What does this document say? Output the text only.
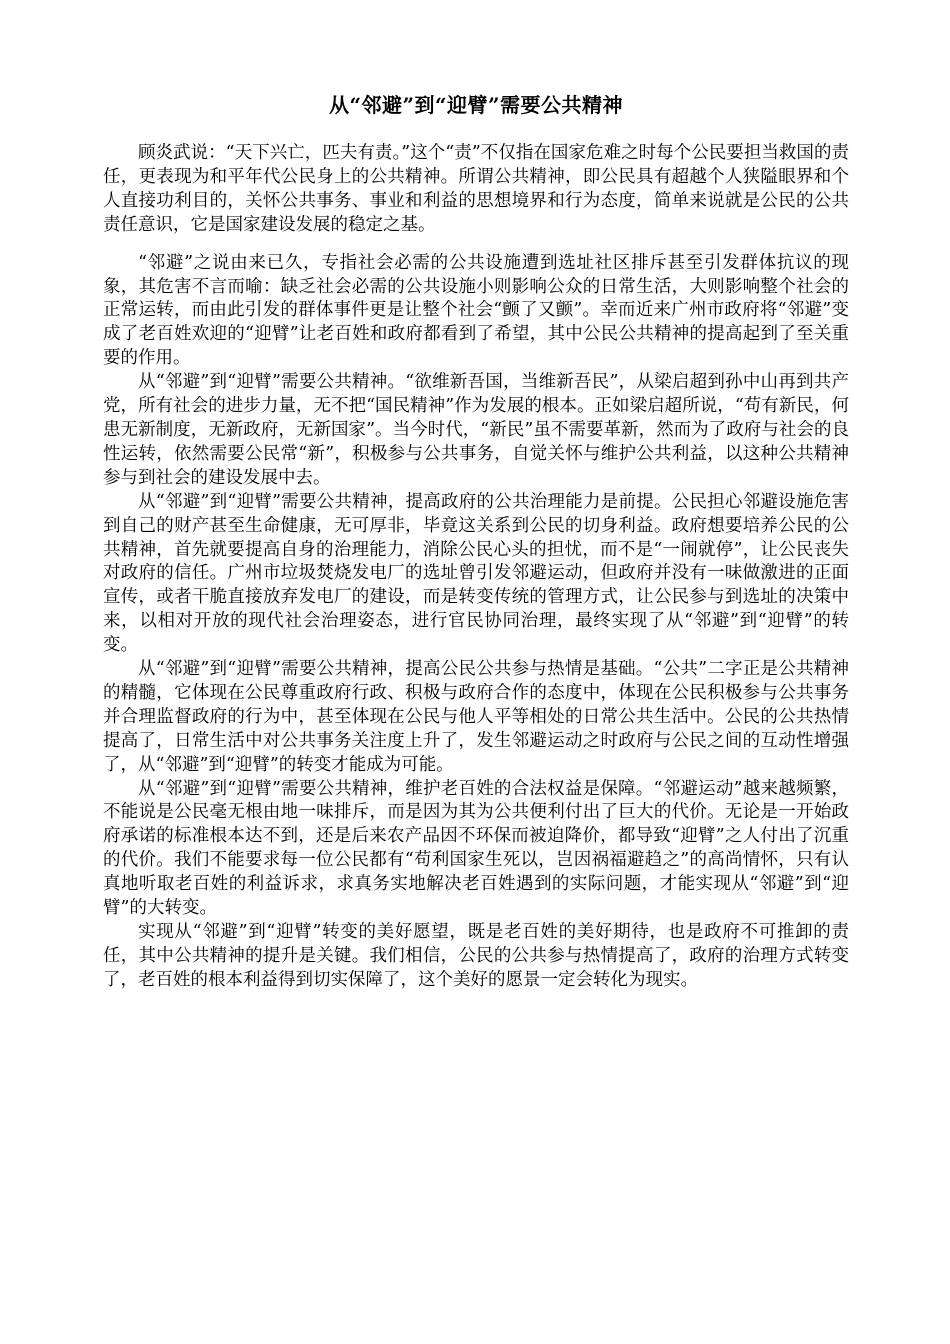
从“邻避”到“迎臂”需要公共精神

顾炎武说：“天下兴亡，匹夫有责。”这个“责”不仅指在国家危难之时每个公民要担当救国的责任，更表现为和平年代公民身上的公共精神。所谓公共精神，即公民具有超越个人狭隘眼界和个人直接功利目的，关怀公共事务、事业和利益的思想境界和行为态度，简单来说就是公民的公共责任意识，它是国家建设发展的稳定之基。

“邻避”之说由来已久，专指社会必需的公共设施遭到选址社区排斥甚至引发群体抗议的现象，其危害不言而喻：缺乏社会必需的公共设施小则影响公众的日常生活，大则影响整个社会的正常运转，而由此引发的群体事件更是让整个社会“颤了又颤”。幸而近来广州市政府将“邻避”变成了老百姓欢迎的“迎臂”让老百姓和政府都看到了希望，其中公民公共精神的提高起到了至关重要的作用。

从“邻避”到“迎臂”需要公共精神。“欲维新吾国，当维新吾民”，从梁启超到孙中山再到共产党，所有社会的进步力量，无不把“国民精神”作为发展的根本。正如梁启超所说，“苟有新民，何患无新制度，无新政府，无新国家”。当今时代，“新民”虽不需要革新，然而为了政府与社会的良性运转，依然需要公民常“新”，积极参与公共事务，自觉关怀与维护公共利益，以这种公共精神参与到社会的建设发展中去。

从“邻避”到“迎臂”需要公共精神，提高政府的公共治理能力是前提。公民担心邻避设施危害到自己的财产甚至生命健康，无可厚非，毕竟这关系到公民的切身利益。政府想要培养公民的公共精神，首先就要提高自身的治理能力，消除公民心头的担忧，而不是“一闹就停”，让公民丧失对政府的信任。广州市垃圾焚烧发电厂的选址曾引发邻避运动，但政府并没有一味做激进的正面宣传，或者干脆直接放弃发电厂的建设，而是转变传统的管理方式，让公民参与到选址的决策中来，以相对开放的现代社会治理姿态，进行官民协同治理，最终实现了从“邻避”到“迎臂”的转变。

从“邻避”到“迎臂”需要公共精神，提高公民公共参与热情是基础。“公共”二字正是公共精神的精髓，它体现在公民尊重政府行政、积极与政府合作的态度中，体现在公民积极参与公共事务并合理监督政府的行为中，甚至体现在公民与他人平等相处的日常公共生活中。公民的公共热情提高了，日常生活中对公共事务关注度上升了，发生邻避运动之时政府与公民之间的互动性增强了，从“邻避”到“迎臂”的转变才能成为可能。

从“邻避”到“迎臂”需要公共精神，维护老百姓的合法权益是保障。“邻避运动”越来越频繁，不能说是公民毫无根由地一味排斥，而是因为其为公共便利付出了巨大的代价。无论是一开始政府承诺的标准根本达不到，还是后来农产品因不环保而被迫降价，都导致“迎臂”之人付出了沉重的代价。我们不能要求每一位公民都有“苟利国家生死以，岂因祸福避趋之”的高尚情怀，只有认真地听取老百姓的利益诉求，求真务实地解决老百姓遇到的实际问题，才能实现从“邻避”到“迎臂”的大转变。

实现从“邻避”到“迎臂”转变的美好愿望，既是老百姓的美好期待，也是政府不可推卸的责任，其中公共精神的提升是关键。我们相信，公民的公共参与热情提高了，政府的治理方式转变了，老百姓的根本利益得到切实保障了，这个美好的愿景一定会转化为现实。
